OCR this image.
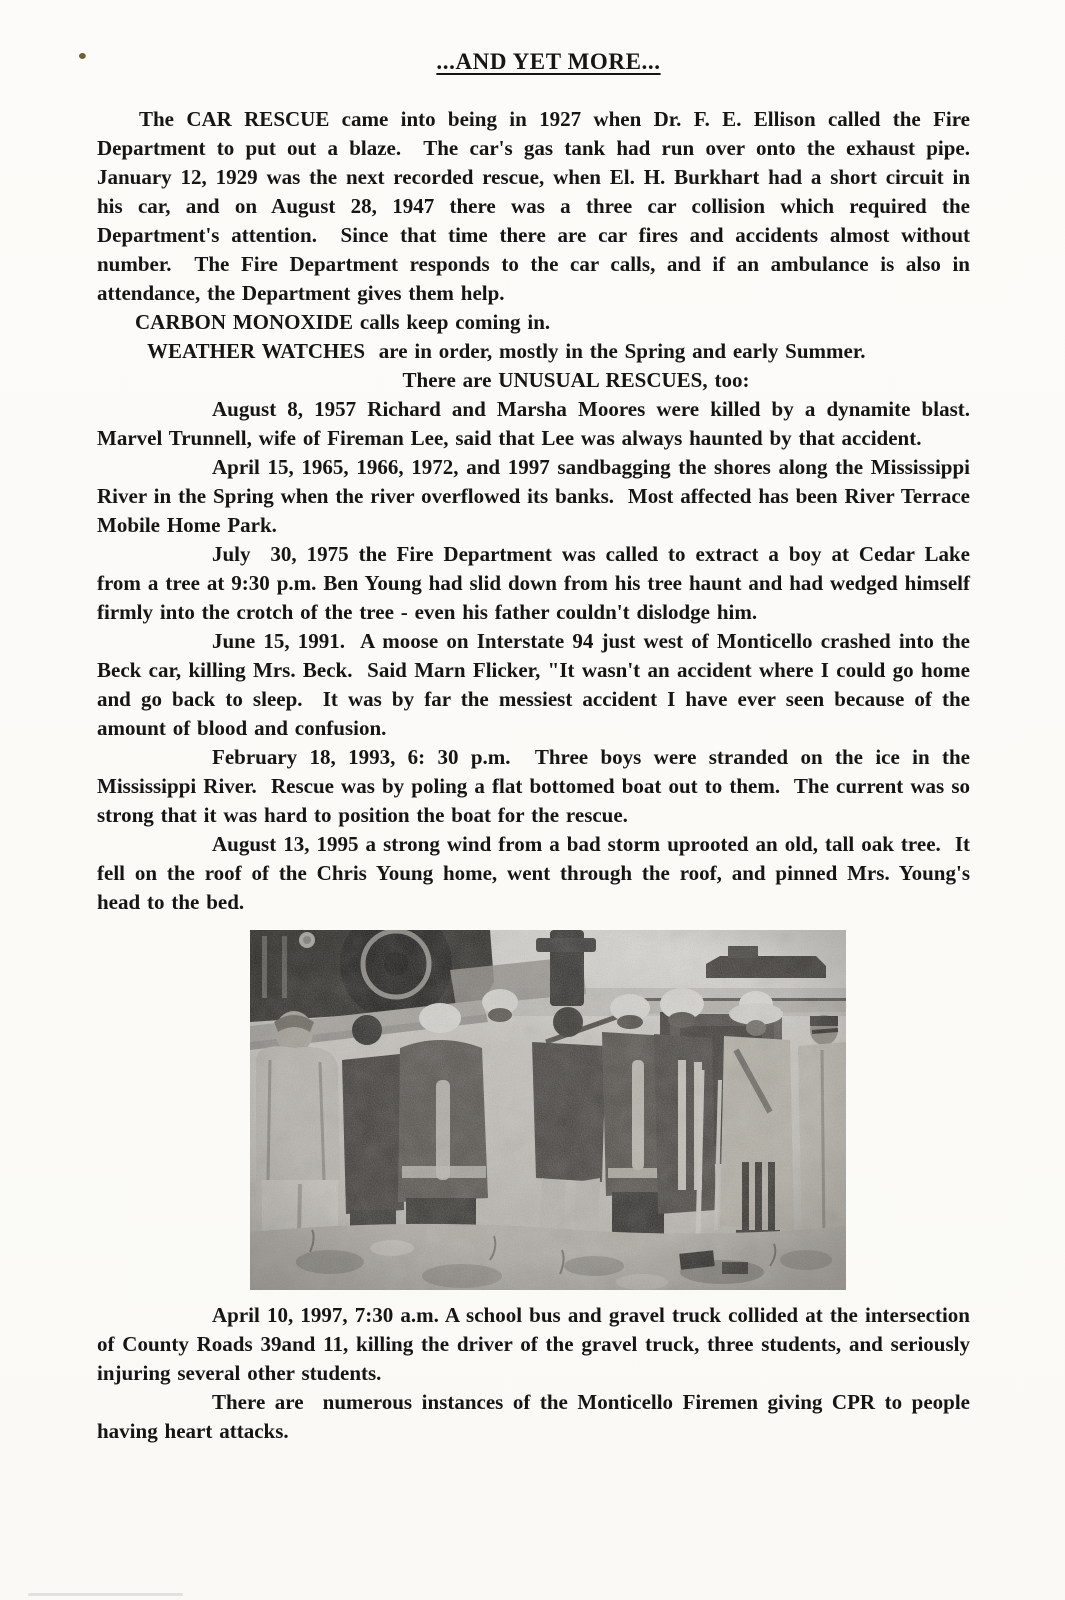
...AND YET MORE...

The CAR RESCUE came into being in 1927 when Dr. F. E. Ellison called the Fire Department to put out a blaze.  The car's gas tank had run over onto the exhaust pipe. January 12, 1929 was the next recorded rescue, when El. H. Burkhart had a short circuit in his car, and on August 28, 1947 there was a three car collision which required the Department's attention.  Since that time there are car fires and accidents almost without number.  The Fire Department responds to the car calls, and if an ambulance is also in attendance, the Department gives them help.

CARBON MONOXIDE calls keep coming in.

WEATHER WATCHES  are in order, mostly in the Spring and early Summer.

There are UNUSUAL RESCUES, too:

August 8, 1957 Richard and Marsha Moores were killed by a dynamite blast. Marvel Trunnell, wife of Fireman Lee, said that Lee was always haunted by that accident.

April 15, 1965, 1966, 1972, and 1997 sandbagging the shores along the Mississippi River in the Spring when the river overflowed its banks.  Most affected has been River Terrace Mobile Home Park.

July  30, 1975 the Fire Department was called to extract a boy at Cedar Lake from a tree at 9:30 p.m. Ben Young had slid down from his tree haunt and had wedged himself firmly into the crotch of the tree - even his father couldn't dislodge him.

June 15, 1991.  A moose on Interstate 94 just west of Monticello crashed into the Beck car, killing Mrs. Beck.  Said Marn Flicker, "It wasn't an accident where I could go home and go back to sleep.  It was by far the messiest accident I have ever seen because of the amount of blood and confusion.

February 18, 1993, 6: 30 p.m.  Three boys were stranded on the ice in the Mississippi River.  Rescue was by poling a flat bottomed boat out to them.  The current was so strong that it was hard to position the boat for the rescue.

August 13, 1995 a strong wind from a bad storm uprooted an old, tall oak tree.  It fell on the roof of the Chris Young home, went through the roof, and pinned Mrs. Young's head to the bed.

April 10, 1997, 7:30 a.m. A school bus and gravel truck collided at the intersection of County Roads 39and 11, killing the driver of the gravel truck, three students, and seriously injuring several other students.

There are  numerous instances of the Monticello Firemen giving CPR to people having heart attacks.
